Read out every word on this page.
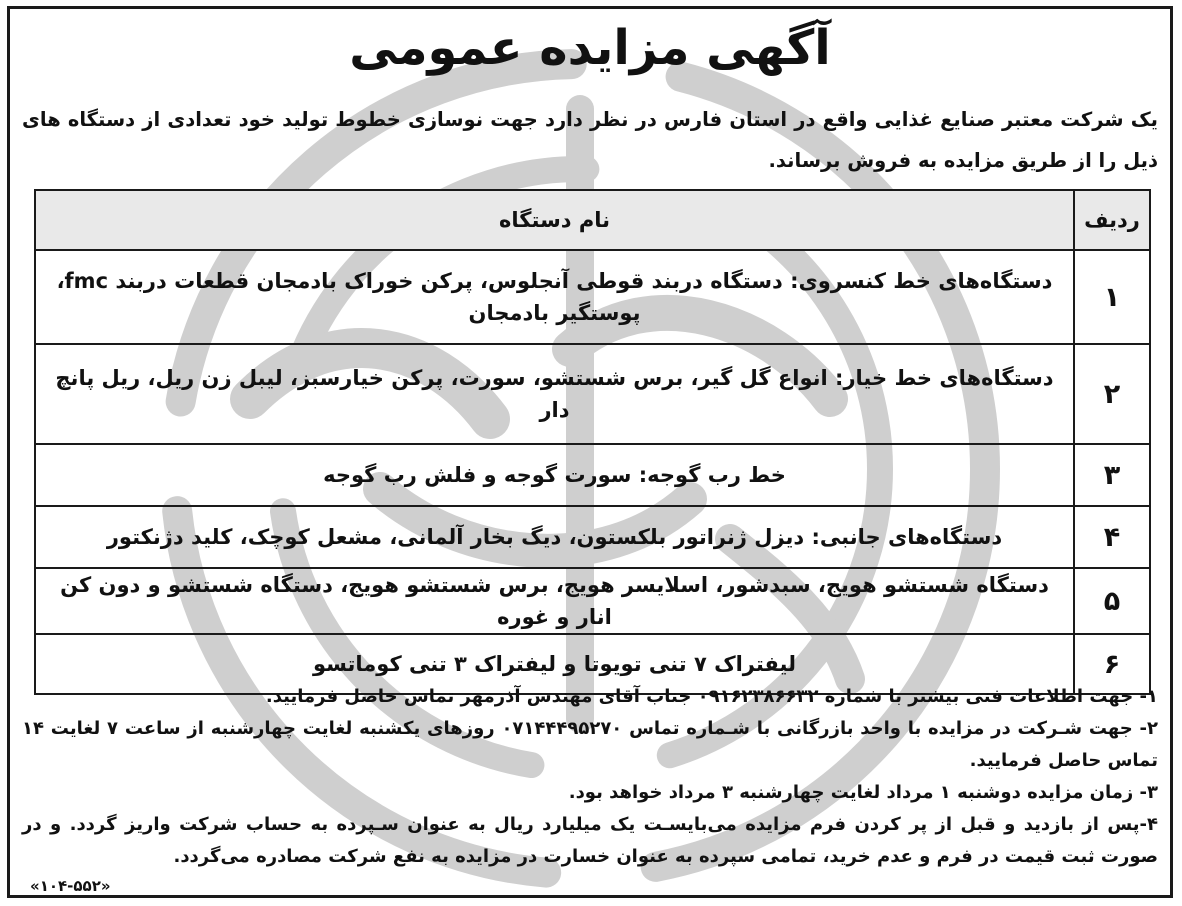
آگهی مزایده عمومی
یک شرکت معتبر صنایع غذایی واقع در استان فارس در نظر دارد جهت نوسازی خطوط تولید خود تعدادی از دستگاه های ذیل را از طریق مزایده به فروش برساند.
ردیف	نام دستگاه
۱	دستگاه‌های خط کنسروی: دستگاه دربند قوطی آنجلوس، پرکن خوراک بادمجان قطعات دربند fmc، پوستگیر بادمجان
۲	دستگاه‌های خط خیار: انواع گل گیر، برس شستشو، سورت، پرکن خیارسبز، لیبل زن ریل، ریل پانچ دار
۳	خط رب گوجه: سورت گوجه و فلش رب گوجه
۴	دستگاه‌های جانبی: دیزل ژنراتور بلکستون، دیگ بخار آلمانی، مشعل کوچک، کلید دژنکتور
۵	دستگاه شستشو هویج، سبدشور، اسلایسر هویج، برس شستشو هویج، دستگاه شستشو و دون کن انار و غوره
۶	لیفتراک ۷ تنی تویوتا و لیفتراک ۳ تنی کوماتسو

۱- جهت اطلاعات فنی بیشتر با شماره ۰۹۱۶۲۳۸۶۶۳۲ جناب آقای مهندس آذرمهر تماس حاصل فرمایید.

۲- جهت شـرکت در مزایده با واحد بازرگانی با شـماره تماس ۰۷۱۴۴۴۹۵۲۷۰ روزهای یکشنبه لغایت چهارشنبه از ساعت ۷ لغایت ۱۴ تماس حاصل فرمایید.

۳- زمان مزایده دوشنبه ۱ مرداد لغایت چهارشنبه ۳ مرداد خواهد بود.

۴-پس از بازدید و قبل از پر کردن فرم مزایده می‌بایسـت یک میلیارد ریال به عنوان سـپرده به حساب شرکت واریز گردد. و در صورت ثبت قیمت در فرم و عدم خرید، تمامی سپرده به عنوان خسارت در مزایده به نفع شرکت مصادره می‌گردد.

«۱۰۴-۵۵۲»
